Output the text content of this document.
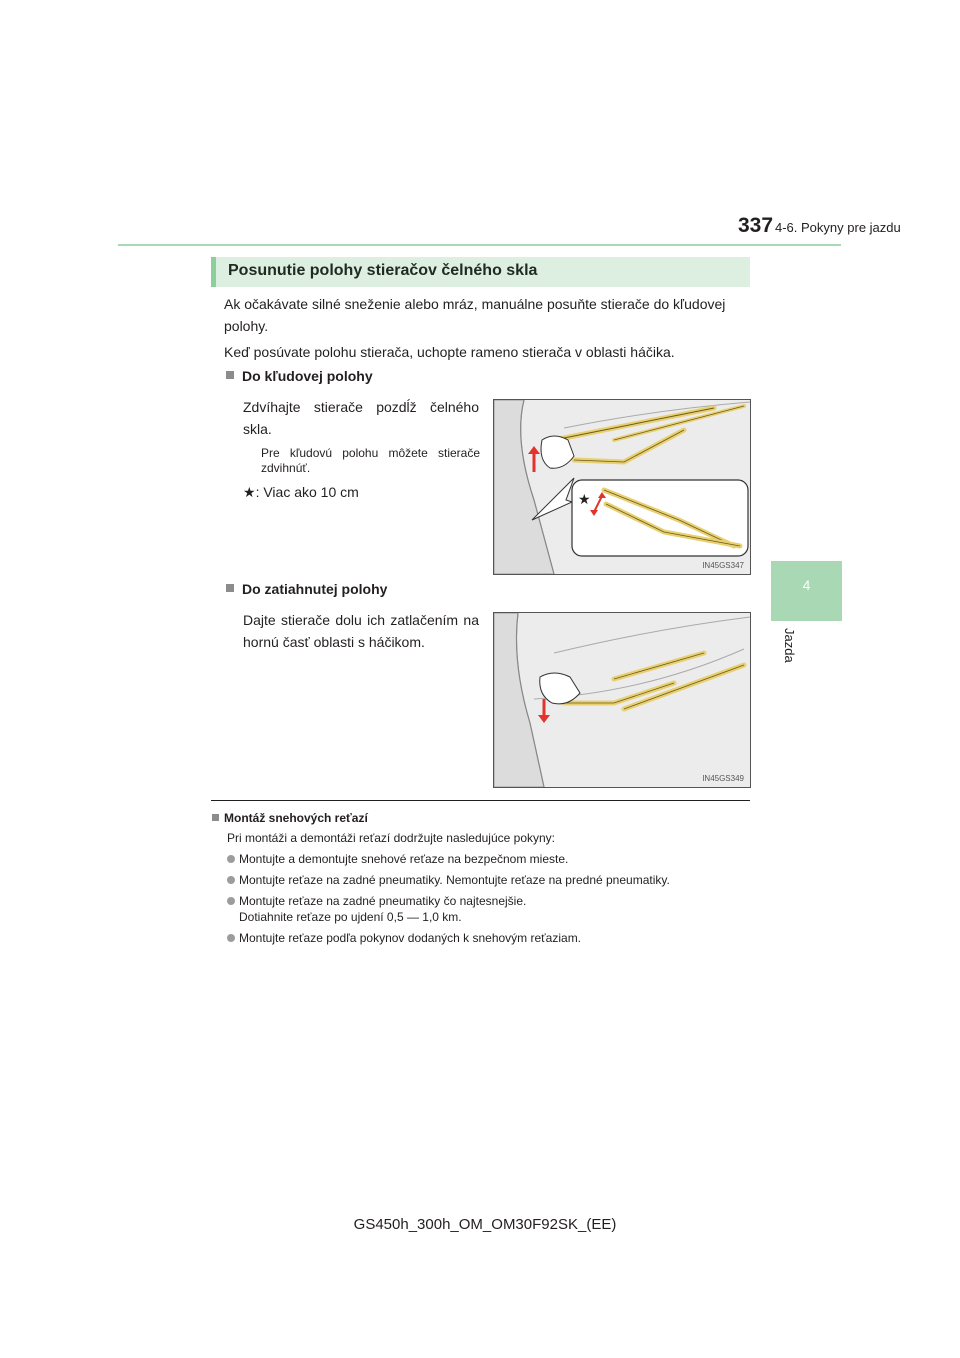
4-6. Pokyny pre jazdu
337
4
Jazda
Posunutie polohy stieračov čelného skla
Ak očakávate silné sneženie alebo mráz, manuálne posuňte stierače do kľudovej polohy.
Keď posúvate polohu stierača, uchopte rameno stierača v oblasti háčika.
Do kľudovej polohy
Zdvíhajte stierače pozdĺž čelného skla.
Pre kľudovú polohu môžete stierače zdvihnúť.
★: Viac ako 10 cm	★
IN45GS347
Do zatiahnutej polohy
Dajte stierače dolu ich zatlačením na hornú časť oblasti s háčikom.
IN45GS349
Montáž snehových reťazí
Pri montáži a demontáži reťazí dodržujte nasledujúce pokyny:
Montujte a demontujte snehové reťaze na bezpečnom mieste.
Montujte reťaze na zadné pneumatiky. Nemontujte reťaze na predné pneumatiky.
Montujte reťaze na zadné pneumatiky čo najtesnejšie.
Dotiahnite reťaze po ujdení 0,5 — 1,0 km.
Montujte reťaze podľa pokynov dodaných k snehovým reťaziam.
GS450h_300h_OM_OM30F92SK_(EE)
